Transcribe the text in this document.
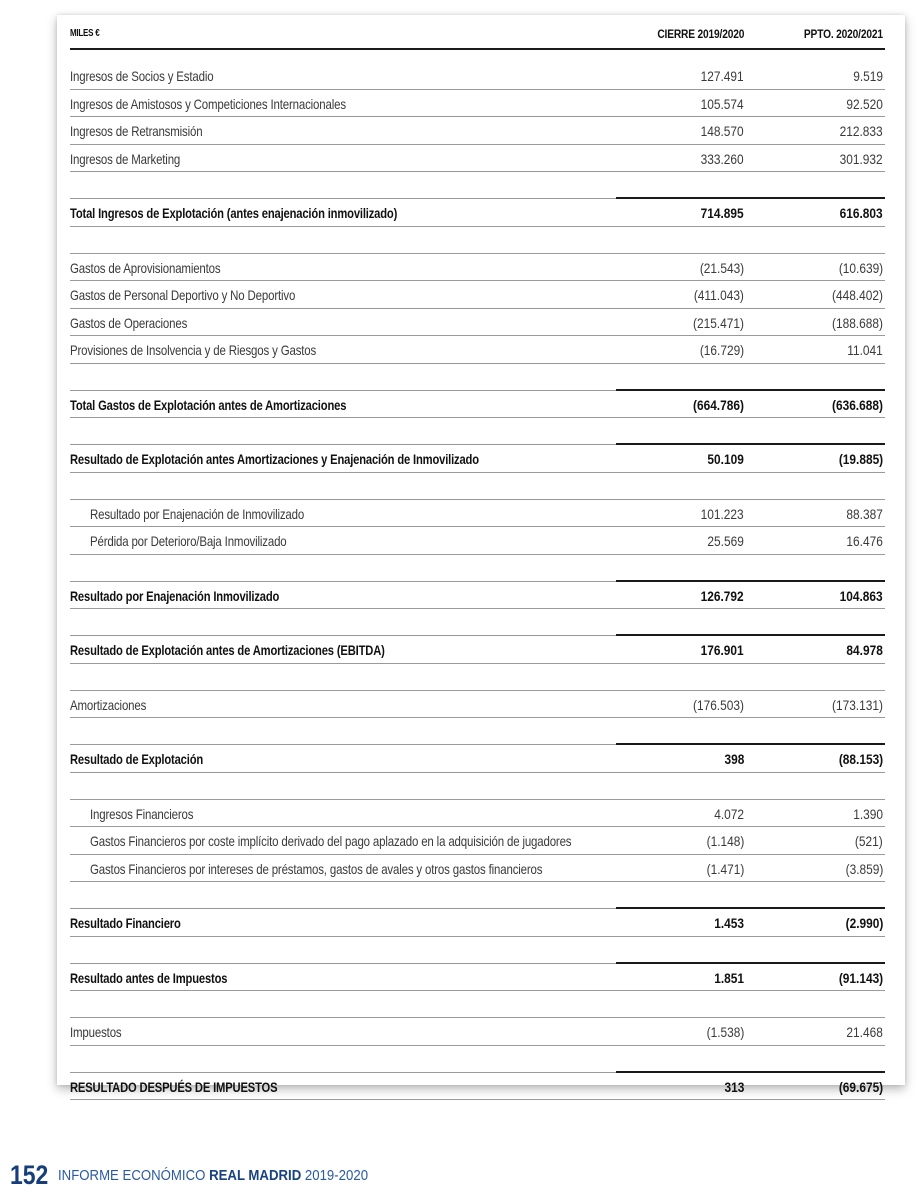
MILES €	CIERRE 2019/2020	PPTO. 2020/2021
Ingresos de Socios y Estadio	127.491	9.519
Ingresos de Amistosos y Competiciones Internacionales	105.574	92.520
Ingresos de Retransmisión	148.570	212.833
Ingresos de Marketing	333.260	301.932
Total Ingresos de Explotación (antes enajenación inmovilizado)	714.895	616.803
Gastos de Aprovisionamientos	(21.543)	(10.639)
Gastos de Personal Deportivo y No Deportivo	(411.043)	(448.402)
Gastos de Operaciones	(215.471)	(188.688)
Provisiones de Insolvencia y de Riesgos y Gastos	(16.729)	11.041
Total Gastos de Explotación antes de Amortizaciones	(664.786)	(636.688)
Resultado de Explotación antes Amortizaciones y Enajenación de Inmovilizado	50.109	(19.885)
Resultado por Enajenación de Inmovilizado	101.223	88.387
Pérdida por Deterioro/Baja Inmovilizado	25.569	16.476
Resultado por Enajenación Inmovilizado	126.792	104.863
Resultado de Explotación antes de Amortizaciones (EBITDA)	176.901	84.978
Amortizaciones	(176.503)	(173.131)
Resultado de Explotación	398	(88.153)
Ingresos Financieros	4.072	1.390
Gastos Financieros por coste implícito derivado del pago aplazado en la adquisición de jugadores	(1.148)	(521)
Gastos Financieros por intereses de préstamos, gastos de avales y otros gastos financieros	(1.471)	(3.859)
Resultado Financiero	1.453	(2.990)
Resultado antes de Impuestos	1.851	(91.143)
Impuestos	(1.538)	21.468
RESULTADO DESPUÉS DE IMPUESTOS	313	(69.675)
152 INFORME ECONÓMICO REAL MADRID 2019-2020
